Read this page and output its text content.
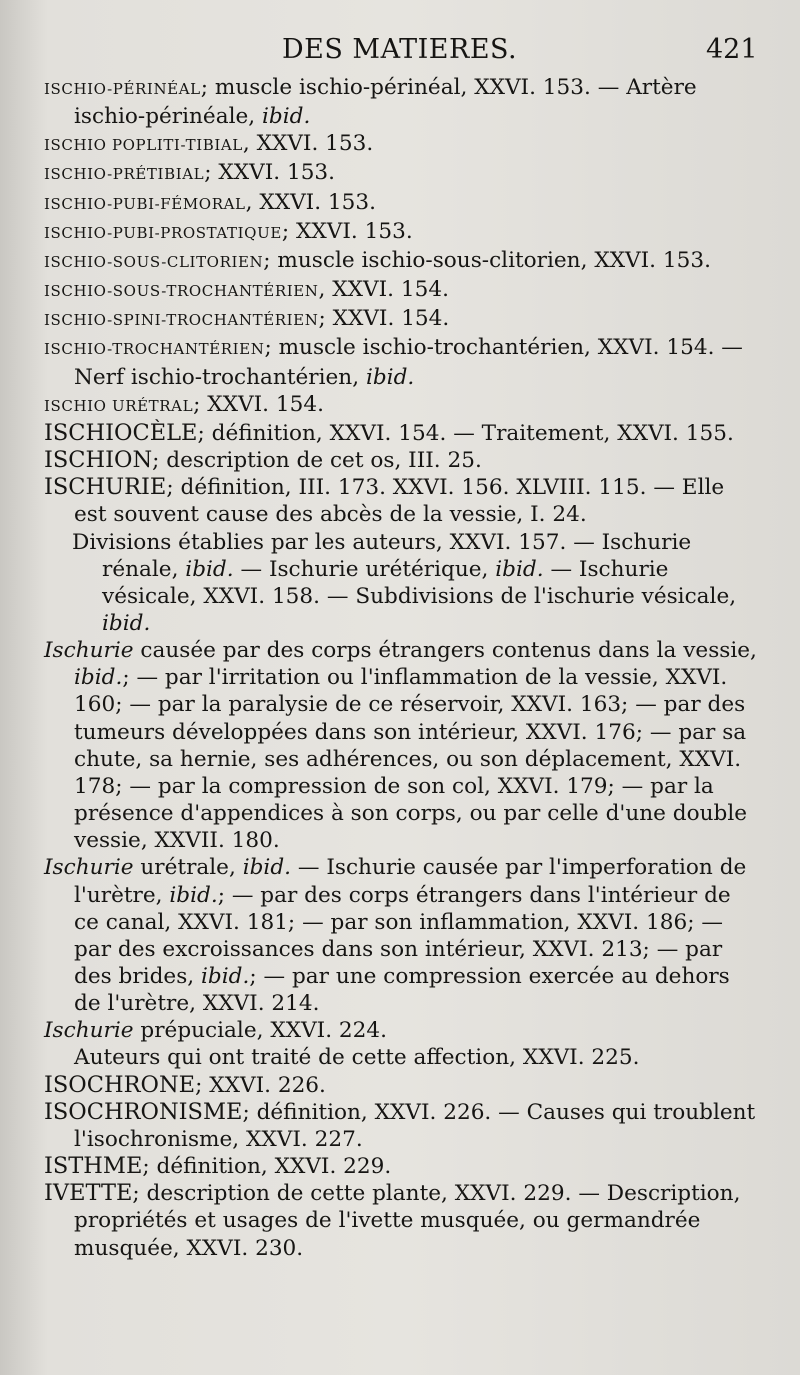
DES MATIERES.	421

ISCHIO-PÉRINÉAL; muscle ischio-périnéal, XXVI. 153. — Artère ischio-périnéale, ibid.

ISCHIO POPLITI-TIBIAL, XXVI. 153.

ISCHIO-PRÉTIBIAL; XXVI. 153.

ISCHIO-PUBI-FÉMORAL, XXVI. 153.

ISCHIO-PUBI-PROSTATIQUE; XXVI. 153.

ISCHIO-SOUS-CLITORIEN; muscle ischio-sous-clitorien, XXVI. 153.

ISCHIO-SOUS-TROCHANTÉRIEN, XXVI. 154.

ISCHIO-SPINI-TROCHANTÉRIEN; XXVI. 154.

ISCHIO-TROCHANTÉRIEN; muscle ischio-trochantérien, XXVI. 154. — Nerf ischio-trochantérien, ibid.

ISCHIO URÉTRAL; XXVI. 154.

ISCHIOCÈLE; définition, XXVI. 154. — Traitement, XXVI. 155.

ISCHION; description de cet os, III. 25.

ISCHURIE; définition, III. 173. XXVI. 156. XLVIII. 115. — Elle est souvent cause des abcès de la vessie, I. 24.

Divisions établies par les auteurs, XXVI. 157. — Ischurie rénale, ibid. — Ischurie urétérique, ibid. — Ischurie vésicale, XXVI. 158. — Subdivisions de l'ischurie vésicale, ibid.

Ischurie causée par des corps étrangers contenus dans la vessie, ibid.; — par l'irritation ou l'inflammation de la vessie, XXVI. 160; — par la paralysie de ce réservoir, XXVI. 163; — par des tumeurs développées dans son intérieur, XXVI. 176; — par sa chute, sa hernie, ses adhérences, ou son déplacement, XXVI. 178; — par la compression de son col, XXVI. 179; — par la présence d'appendices à son corps, ou par celle d'une double vessie, XXVII. 180.

Ischurie urétrale, ibid. — Ischurie causée par l'imperforation de l'urètre, ibid.; — par des corps étrangers dans l'intérieur de ce canal, XXVI. 181; — par son inflammation, XXVI. 186; — par des excroissances dans son intérieur, XXVI. 213; — par des brides, ibid.; — par une compression exercée au dehors de l'urètre, XXVI. 214.

Ischurie prépuciale, XXVI. 224.

Auteurs qui ont traité de cette affection, XXVI. 225.

ISOCHRONE; XXVI. 226.

ISOCHRONISME; définition, XXVI. 226. — Causes qui troublent l'isochronisme, XXVI. 227.

ISTHME; définition, XXVI. 229.

IVETTE; description de cette plante, XXVI. 229. — Description, propriétés et usages de l'ivette musquée, ou germandrée musquée, XXVI. 230.
